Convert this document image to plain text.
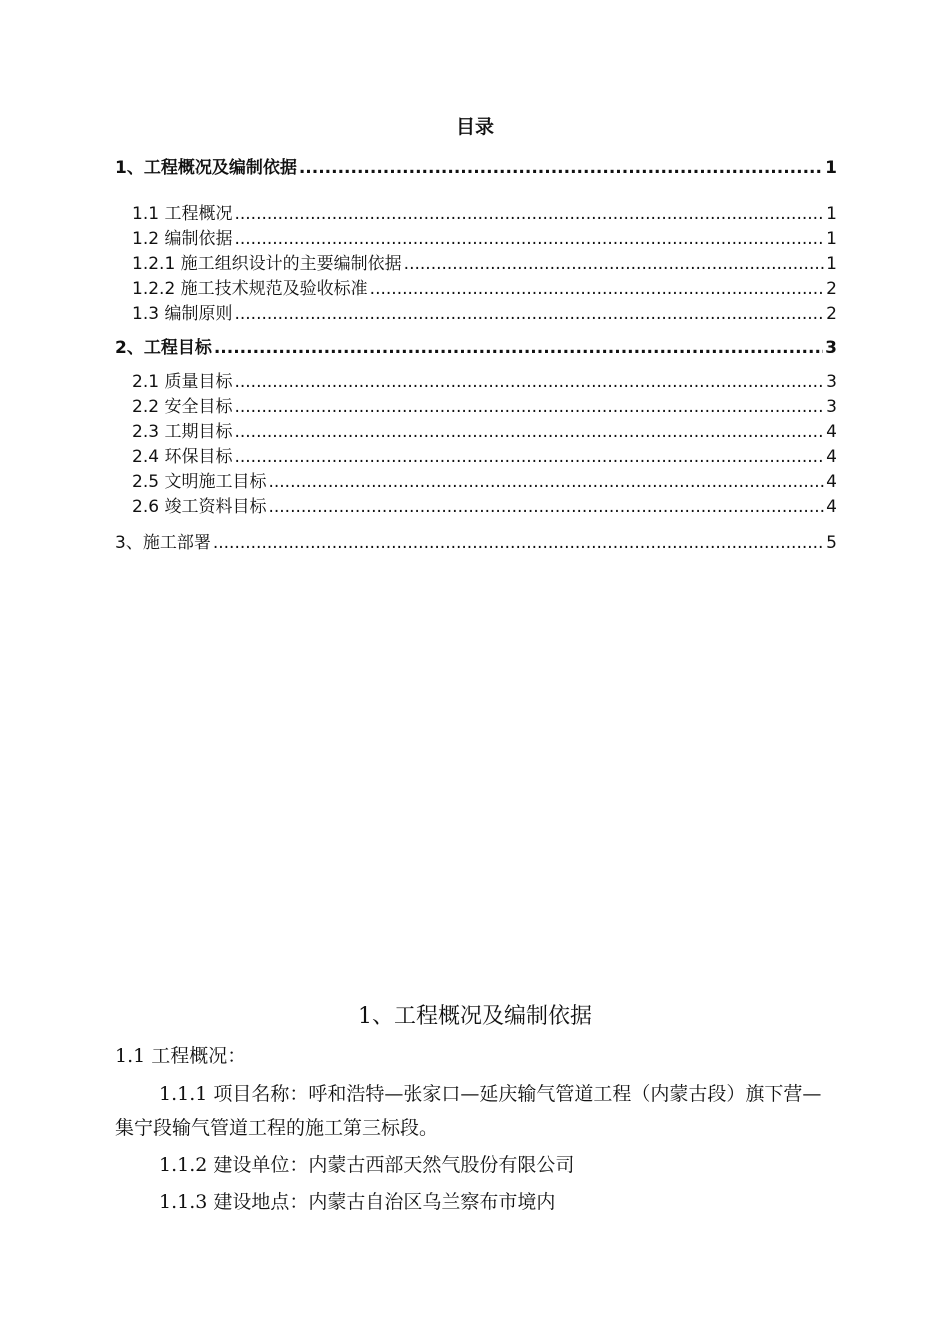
目录
1、工程概况及编制依据 .....	1
1.1 工程概况 .....	1
1.2 编制依据 .....	1
1.2.1 施工组织设计的主要编制依据 .....	1
1.2.2 施工技术规范及验收标准 .....	2
1.3 编制原则 .....	2
2、工程目标 .....	3
2.1 质量目标 .....	3
2.2 安全目标 .....	3
2.3 工期目标 .....	4
2.4 环保目标 .....	4
2.5 文明施工目标 .....	4
2.6 竣工资料目标 .....	4
3、施工部署 .....	5
1、工程概况及编制依据
1.1 工程概况：
1.1.1 项目名称：呼和浩特—张家口—延庆输气管道工程（内蒙古段）旗下营—集宁段输气管道工程的施工第三标段。
1.1.2 建设单位：内蒙古西部天然气股份有限公司
1.1.3 建设地点：内蒙古自治区乌兰察布市境内
